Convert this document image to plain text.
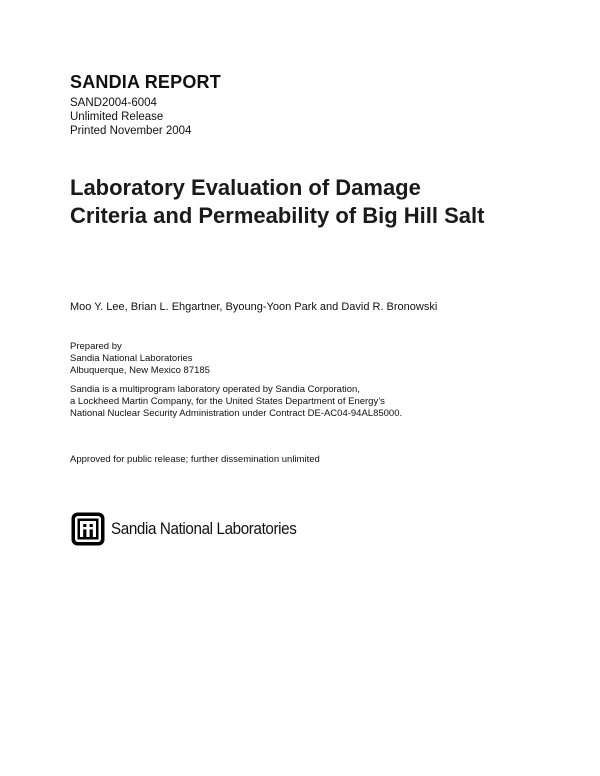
SANDIA REPORT
SAND2004-6004
Unlimited Release
Printed November 2004
Laboratory Evaluation of Damage
Criteria and Permeability of Big Hill Salt
Moo Y. Lee, Brian L. Ehgartner, Byoung-Yoon Park and David R. Bronowski
Prepared by
Sandia National Laboratories
Albuquerque, New Mexico 87185
Sandia is a multiprogram laboratory operated by Sandia Corporation,
a Lockheed Martin Company, for the United States Department of Energy’s
National Nuclear Security Administration under Contract DE-AC04-94AL85000.
Approved for public release; further dissemination unlimited
Sandia National Laboratories
